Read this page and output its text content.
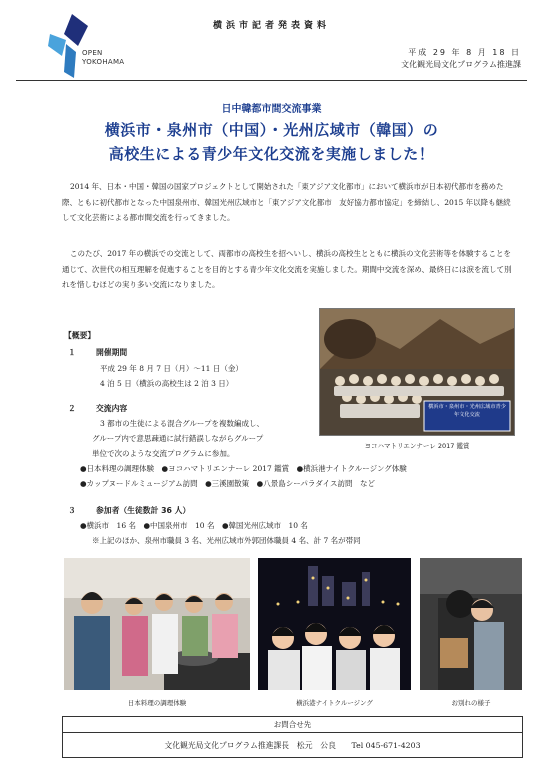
OPEN
YOKOHAMA
横浜市記者発表資料
平成 29 年 8 月 18 日
文化観光局文化プログラム推進課
日中韓都市間交流事業
横浜市・泉州市（中国）・光州広域市（韓国）の
高校生による青少年文化交流を実施しました！

2014 年、日本・中国・韓国の国家プロジェクトとして開始された「東アジア文化都市」において横浜市が日本初代都市を務めた際、ともに初代都市となった中国泉州市、韓国光州広域市と「東アジア文化都市　友好協力都市協定」を締結し、2015 年以降も継続して文化芸術による都市間交流を行ってきました。

このたび、2017 年の横浜での交流として、両都市の高校生を招へいし、横浜の高校生とともに横浜の文化芸術等を体験することを通じて、次世代の相互理解を促進することを目的とする青少年文化交流を実施しました。期間中交流を深め、最終日には涙を流して別れを惜しむほどの実り多い交流になりました。

【概要】
１	開催期間
平成 29 年 8 月 7 日（月）～11 日（金）
4 泊 5 日（横浜の高校生は 2 泊 3 日）
２	交流内容
3 都市の生徒による混合グループを複数編成し、
グループ内で意思疎通に試行錯誤しながらグループ
単位で次のような交流プログラムに参加。
●日本料理の調理体験　●ヨコハマトリエンナーレ 2017 鑑賞　●横浜港ナイトクルージング体験
●カップヌードルミュージアム訪問　●三溪園散策　●八景島シーパラダイス訪問　など
３	参加者（生徒数計 36 人）
●横浜市　16 名　●中国泉州市　10 名　●韓国光州広域市　10 名
※上記のほか、泉州市職員 3 名、光州広域市外郭団体職員 4 名、計 7 名が帯同
横浜市・泉州市・光州広域市青少年文化交流
ヨコハマトリエンナーレ 2017 鑑賞
日本料理の調理体験	横浜港ナイトクルージング	お別れの様子
お問合せ先
文化観光局文化プログラム推進課長　松元　公良　　Tel 045-671-4203
